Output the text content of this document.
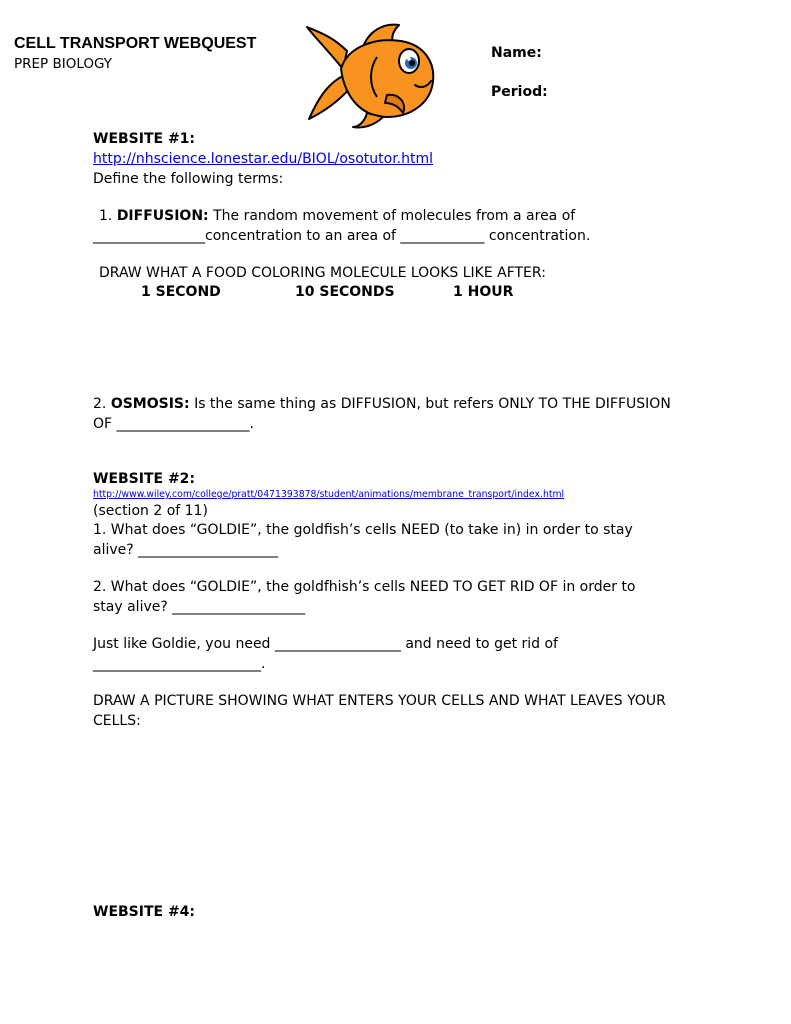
CELL TRANSPORT WEBQUEST
PREP BIOLOGY
Name:
Period:
WEBSITE #1:
http://nhscience.lonestar.edu/BIOL/osotutor.html
Define the following terms:
1. DIFFUSION: The random movement of molecules from a area of
________________concentration to an area of ____________ concentration.
DRAW WHAT A FOOD COLORING MOLECULE LOOKS LIKE AFTER:
1 SECOND	10 SECONDS	1 HOUR
2. OSMOSIS: Is the same thing as DIFFUSION, but refers ONLY TO THE DIFFUSION
OF ___________________.
WEBSITE #2:
http://www.wiley.com/college/pratt/0471393878/student/animations/membrane_transport/index.html
(section 2 of 11)
1. What does “GOLDIE”, the goldfish’s cells NEED (to take in) in order to stay
alive? ____________________
2. What does “GOLDIE”, the goldfhish’s cells NEED TO GET RID OF in order to
stay alive? ___________________
Just like Goldie, you need __________________ and need to get rid of
________________________.
DRAW A PICTURE SHOWING WHAT ENTERS YOUR CELLS AND WHAT LEAVES YOUR
CELLS:
WEBSITE #4:
